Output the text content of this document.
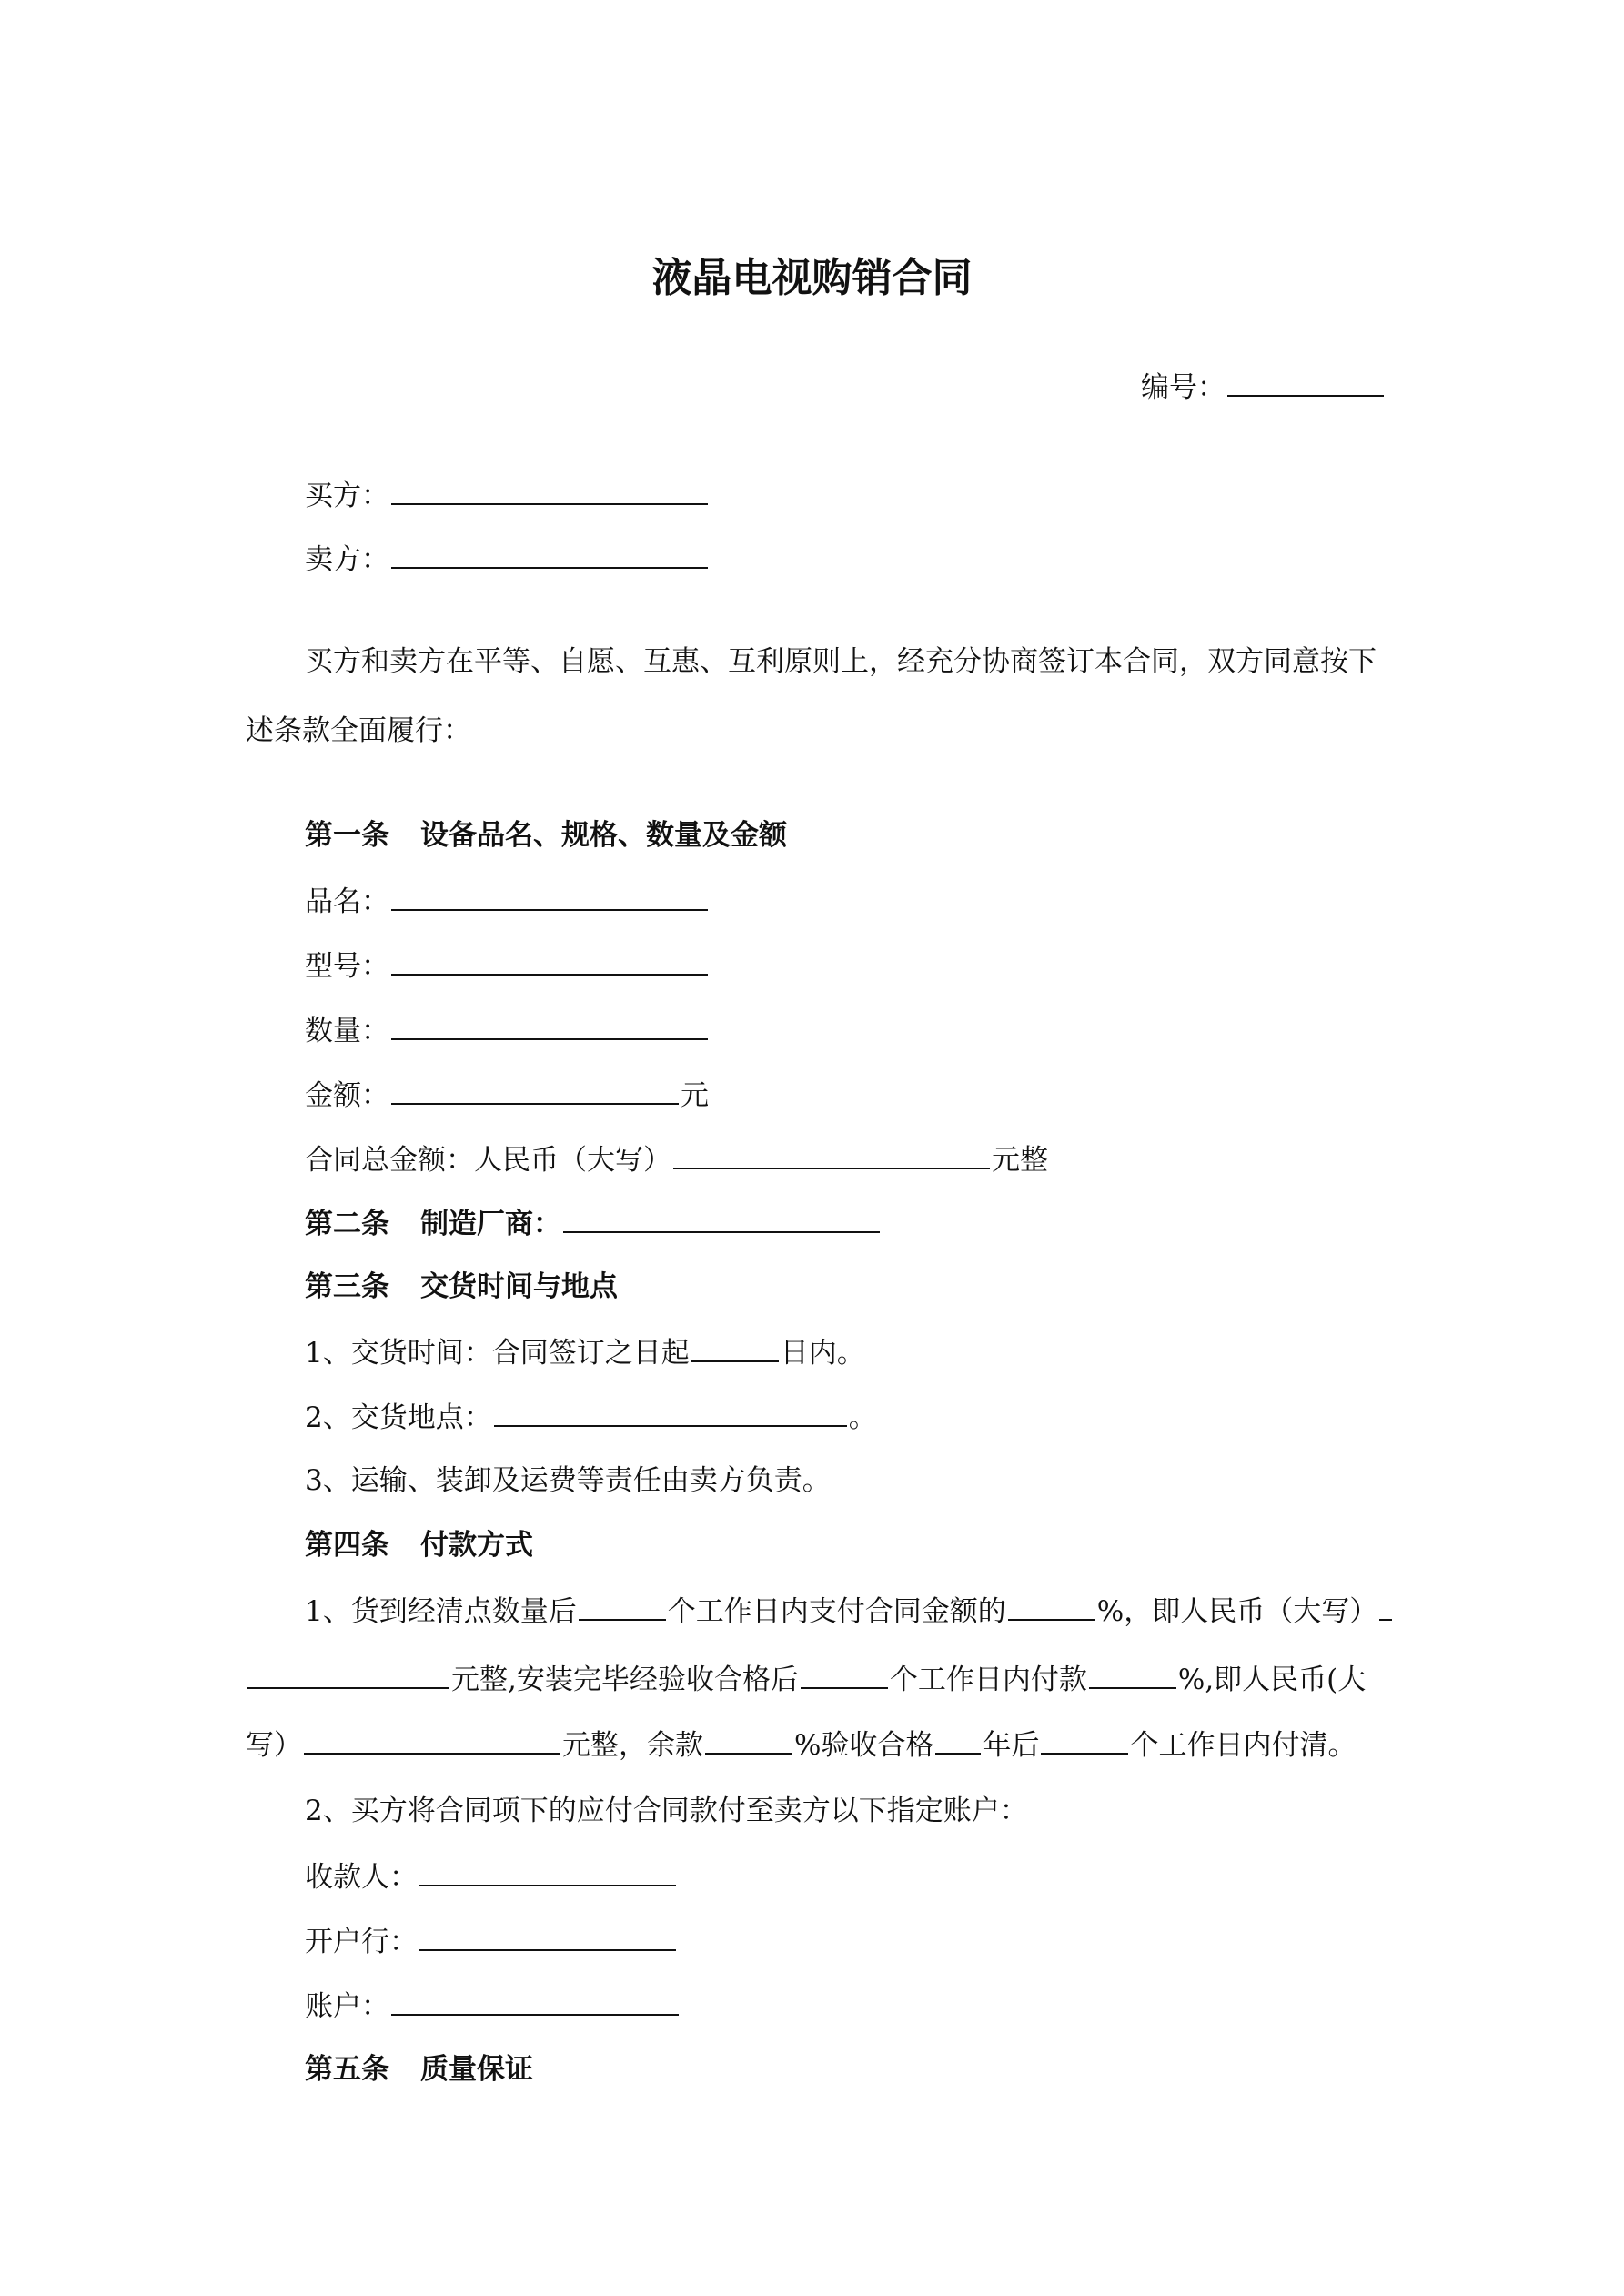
液晶电视购销合同
编号：
买方：
卖方：
买方和卖方在平等、自愿、互惠、互利原则上，经充分协商签订本合同，双方同意按下
述条款全面履行：
第一条 设备品名、规格、数量及金额
品名：
型号：
数量：
金额：	元
合同总金额：人民币（大写）	元整
第二条 制造厂商：
第三条 交货时间与地点
1、交货时间：合同签订之日起	日内。
2、交货地点：	。
3、运输、装卸及运费等责任由卖方负责。
第四条 付款方式
1、货到经清点数量后	个工作日内支付合同金额的	%，即人民币（大写）
元整,安装完毕经验收合格后	个工作日内付款	%,即人民币(大
写）	元整，余款	%验收合格 年后	个工作日内付清。
2、买方将合同项下的应付合同款付至卖方以下指定账户：
收款人：
开户行：
账户：
第五条 质量保证
